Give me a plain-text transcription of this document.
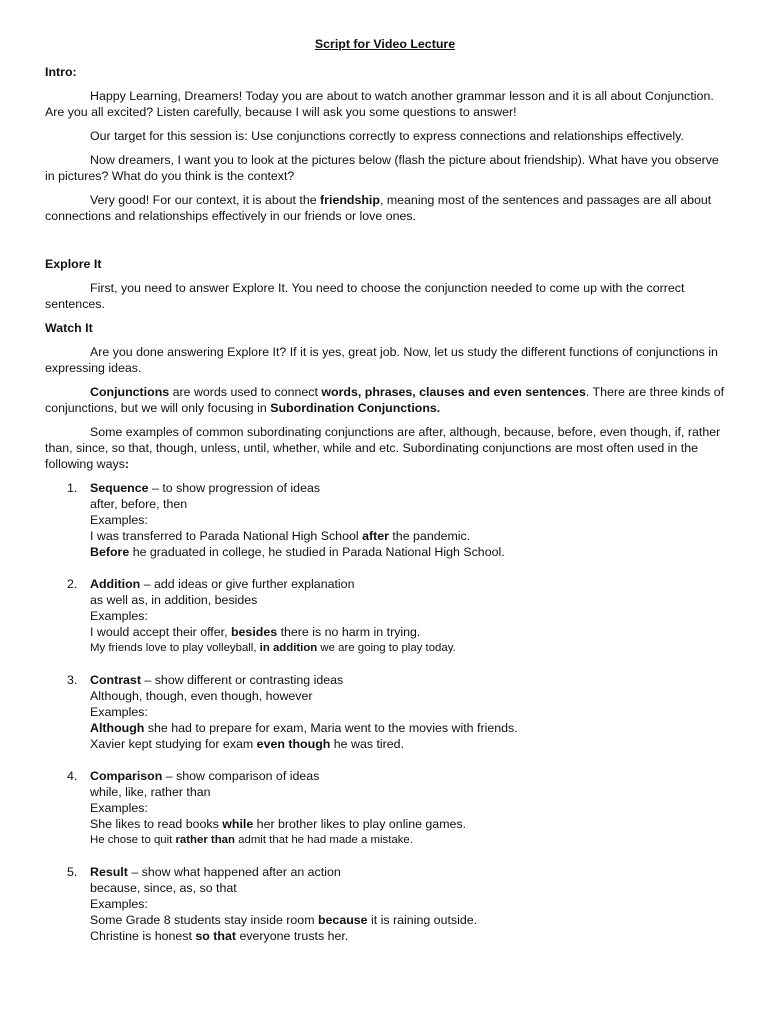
Script for Video Lecture
Intro:

Happy Learning, Dreamers! Today you are about to watch another grammar lesson and it is all about Conjunction. Are you all excited? Listen carefully, because I will ask you some questions to answer!

Our target for this session is: Use conjunctions correctly to express connections and relationships effectively.

Now dreamers, I want you to look at the pictures below (flash the picture about friendship). What have you observe in pictures? What do you think is the context?

Very good! For our context, it is about the friendship, meaning most of the sentences and passages are all about connections and relationships effectively in our friends or love ones.

Explore It

First, you need to answer Explore It. You need to choose the conjunction needed to come up with the correct sentences.

Watch It

Are you done answering Explore It? If it is yes, great job. Now, let us study the different functions of conjunctions in expressing ideas.

Conjunctions are words used to connect words, phrases, clauses and even sentences. There are three kinds of conjunctions, but we will only focusing in Subordination Conjunctions.

Some examples of common subordinating conjunctions are after, although, because, before, even though, if, rather than, since, so that, though, unless, until, whether, while and etc. Subordinating conjunctions are most often used in the following ways:

1. Sequence – to show progression of ideas
after, before, then
Examples:
I was transferred to Parada National High School after the pandemic.
Before he graduated in college, he studied in Parada National High School.
2. Addition – add ideas or give further explanation
as well as, in addition, besides
Examples:
I would accept their offer, besides there is no harm in trying.
My friends love to play volleyball, in addition we are going to play today.
3. Contrast – show different or contrasting ideas
Although, though, even though, however
Examples:
Although she had to prepare for exam, Maria went to the movies with friends.
Xavier kept studying for exam even though he was tired.
4. Comparison – show comparison of ideas
while, like, rather than
Examples:
She likes to read books while her brother likes to play online games.
He chose to quit rather than admit that he had made a mistake.
5. Result – show what happened after an action
because, since, as, so that
Examples:
Some Grade 8 students stay inside room because it is raining outside.
Christine is honest so that everyone trusts her.
